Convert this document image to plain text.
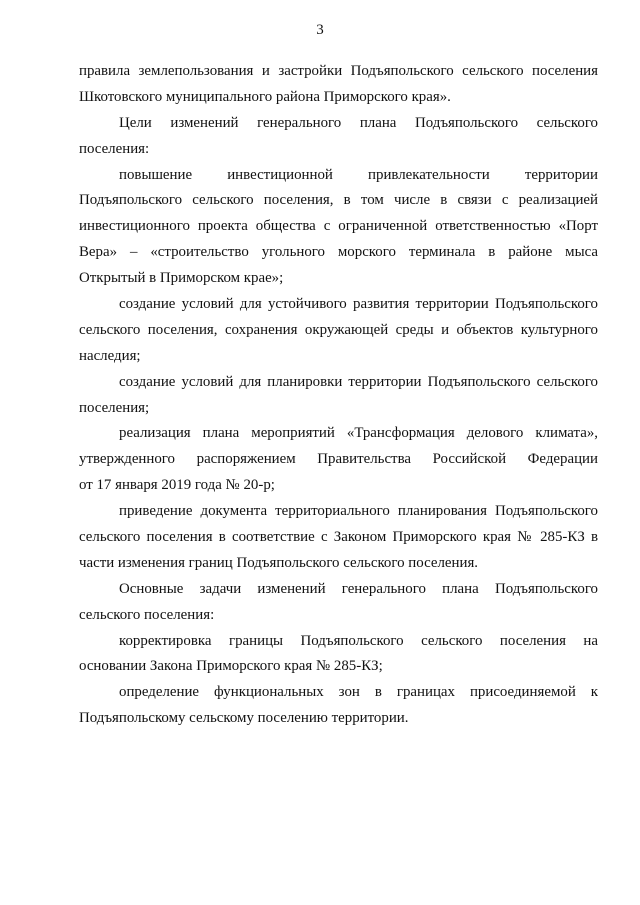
3
правила землепользования и застройки Подъяпольского сельского поселения
Шкотовского муниципального района Приморского края».
Цели изменений генерального плана Подъяпольского сельского
поселения:
повышение инвестиционной привлекательности территории
Подъяпольского сельского поселения, в том числе в связи с реализацией
инвестиционного проекта общества с ограниченной ответственностью «Порт
Вера» – «строительство угольного морского терминала в районе мыса
Открытый в Приморском крае»;
создание условий для устойчивого развития территории Подъяпольского
сельского поселения, сохранения окружающей среды и объектов культурного
наследия;
создание условий для планировки территории Подъяпольского сельского
поселения;
реализация плана мероприятий «Трансформация делового климата»,
утвержденного распоряжением Правительства Российской Федерации
от 17 января 2019 года № 20-р;
приведение документа территориального планирования Подъяпольского
сельского поселения в соответствие с Законом Приморского края № 285-КЗ в
части изменения границ Подъяпольского сельского поселения.
Основные задачи изменений генерального плана Подъяпольского
сельского поселения:
корректировка границы Подъяпольского сельского поселения на
основании Закона Приморского края № 285-КЗ;
определение функциональных зон в границах присоединяемой к
Подъяпольскому сельскому поселению территории.
